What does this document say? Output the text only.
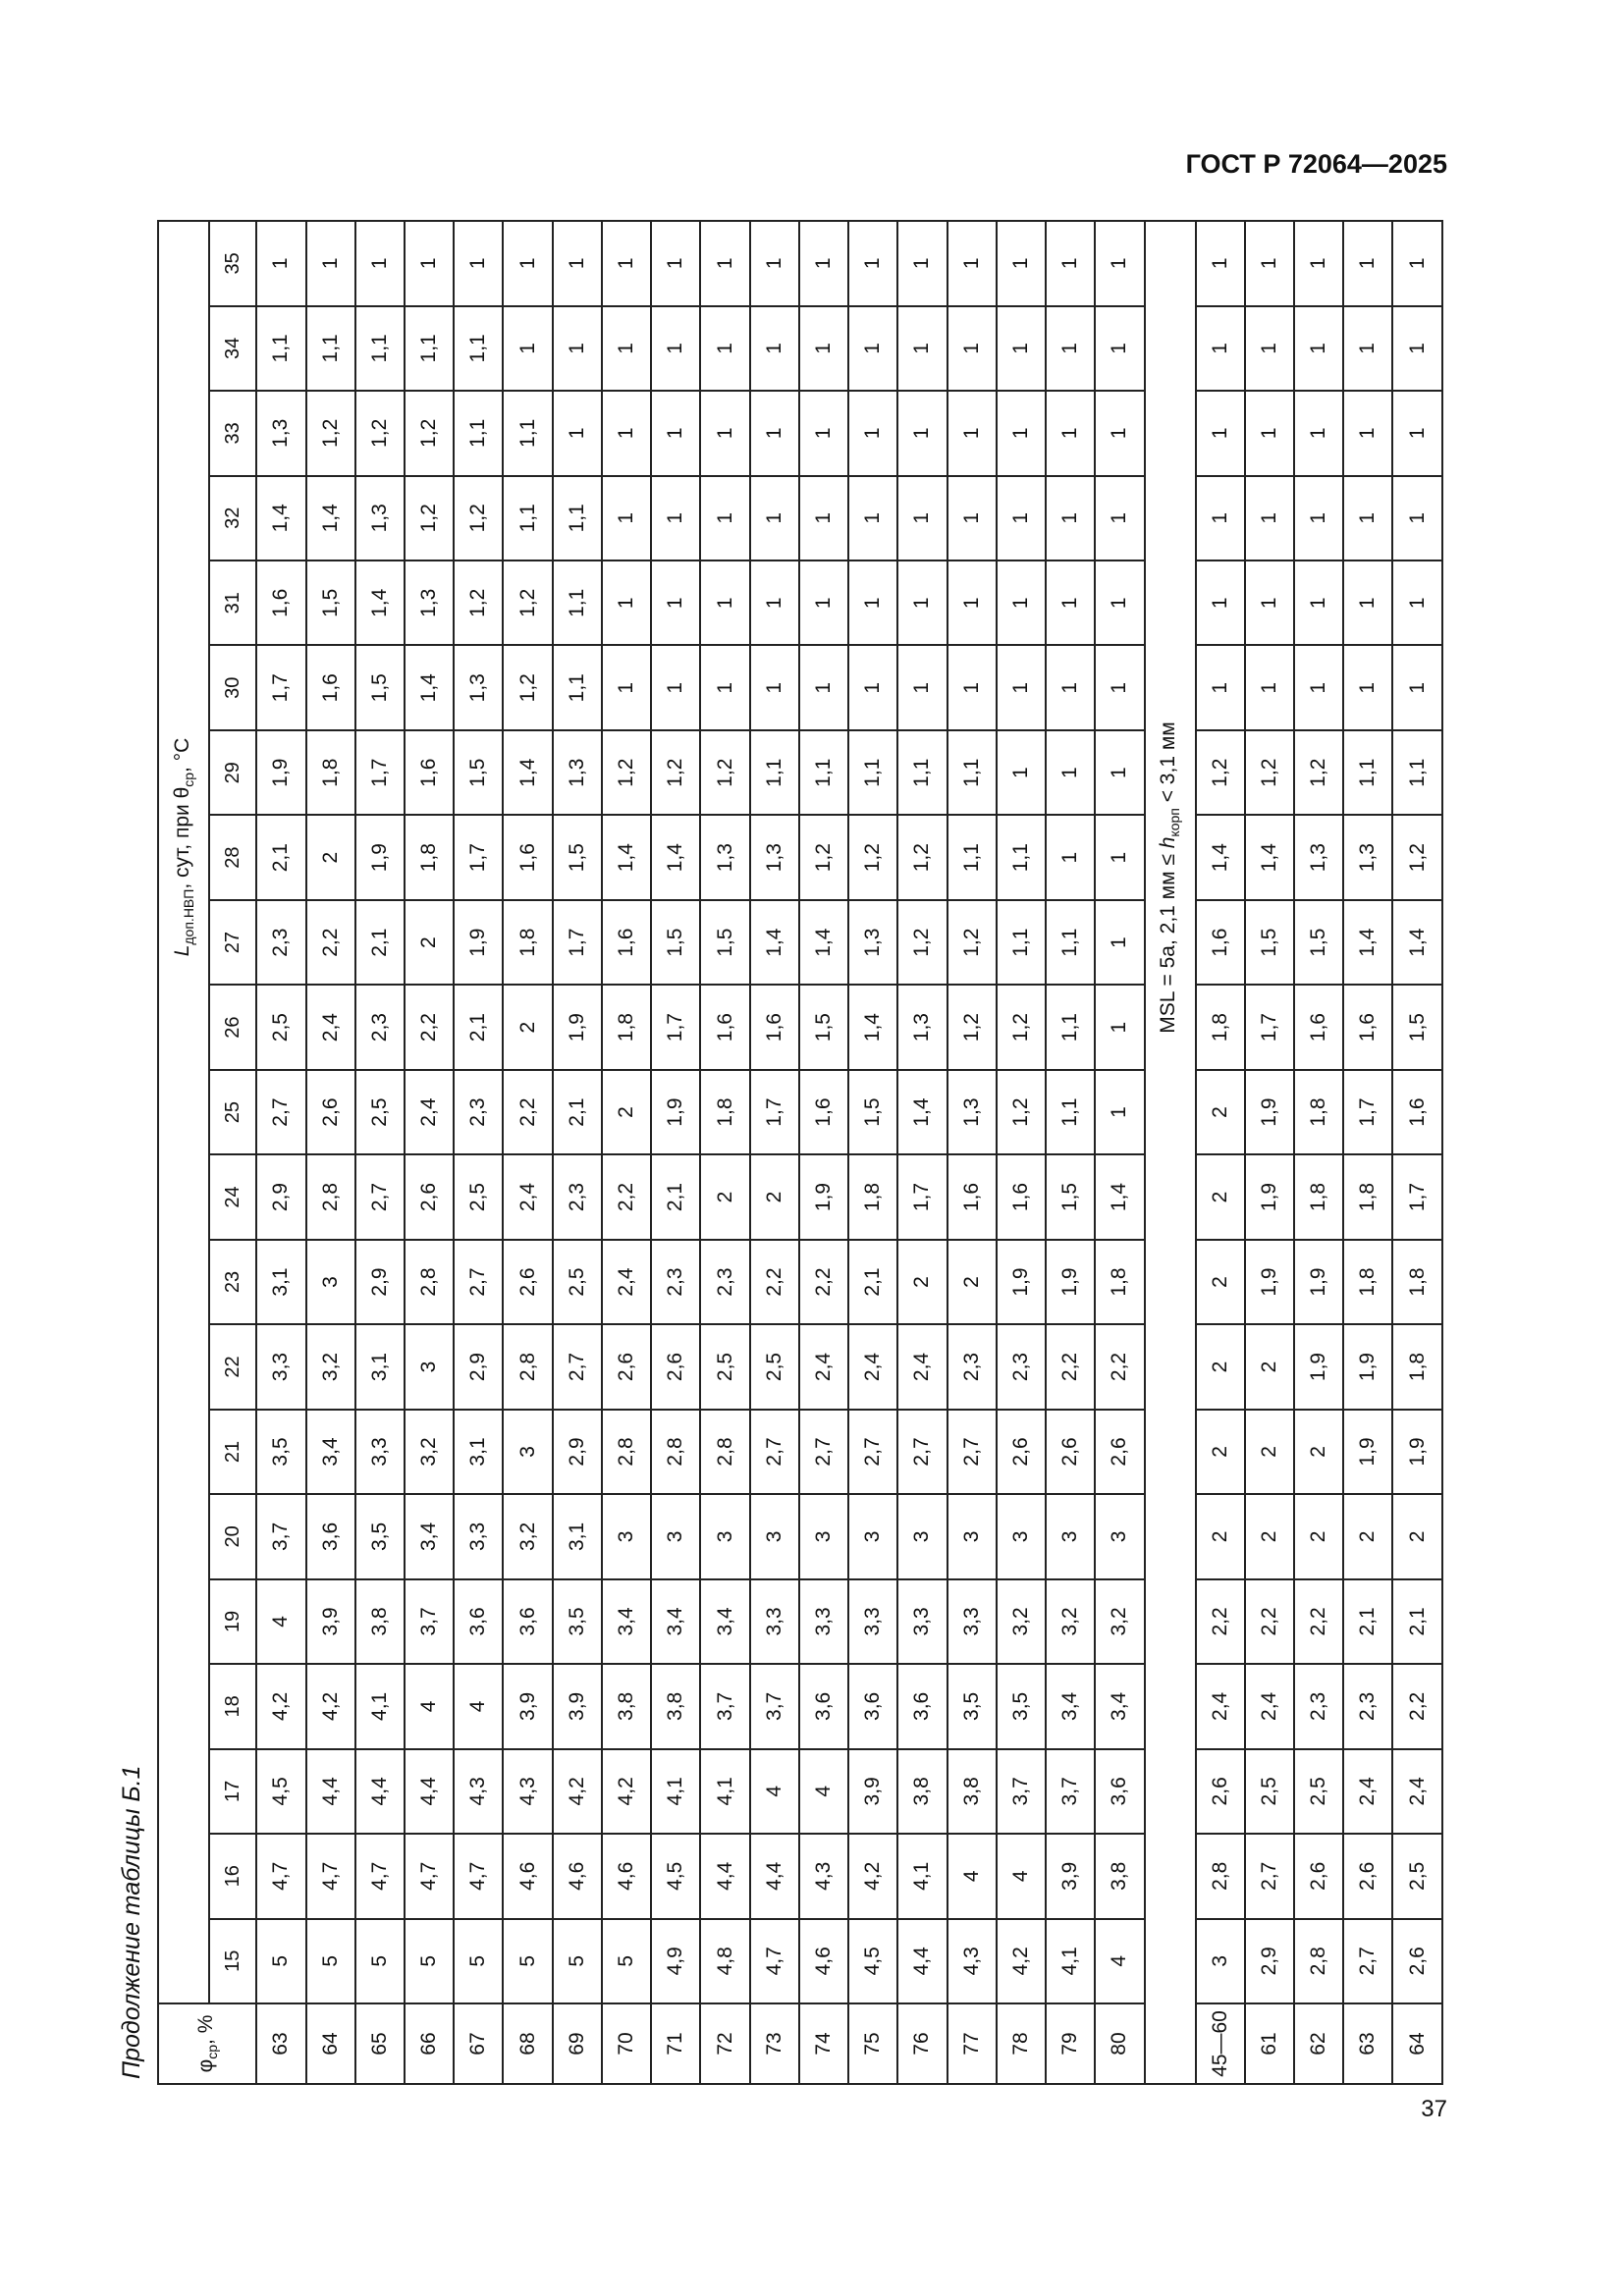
ГОСТ Р 72064—2025
Продолжение таблицы Б.1	$\varphi_{ср}$, %	$L_{доп.НВП}$, сут, при $\theta_{ср}$, °C																				
	15	16	17	18	19	20	21	22	23	24	25	26	27	28	29	30	31	32	33	34	35
63	5	4,7	4,5	4,2	4	3,7	3,5	3,3	3,1	2,9	2,7	2,5	2,3	2,1	1,9	1,7	1,6	1,4	1,3	1,1	1
64	5	4,7	4,4	4,2	3,9	3,6	3,4	3,2	3	2,8	2,6	2,4	2,2	2	1,8	1,6	1,5	1,4	1,2	1,1	1
65	5	4,7	4,4	4,1	3,8	3,5	3,3	3,1	2,9	2,7	2,5	2,3	2,1	1,9	1,7	1,5	1,4	1,3	1,2	1,1	1
66	5	4,7	4,4	4	3,7	3,4	3,2	3	2,8	2,6	2,4	2,2	2	1,8	1,6	1,4	1,3	1,2	1,2	1,1	1
67	5	4,7	4,3	4	3,6	3,3	3,1	2,9	2,7	2,5	2,3	2,1	1,9	1,7	1,5	1,3	1,2	1,2	1,1	1,1	1
68	5	4,6	4,3	3,9	3,6	3,2	3	2,8	2,6	2,4	2,2	2	1,8	1,6	1,4	1,2	1,2	1,1	1,1	1	1
69	5	4,6	4,2	3,9	3,5	3,1	2,9	2,7	2,5	2,3	2,1	1,9	1,7	1,5	1,3	1,1	1,1	1,1	1	1	1
70	5	4,6	4,2	3,8	3,4	3	2,8	2,6	2,4	2,2	2	1,8	1,6	1,4	1,2	1	1	1	1	1	1
71	4,9	4,5	4,1	3,8	3,4	3	2,8	2,6	2,3	2,1	1,9	1,7	1,5	1,4	1,2	1	1	1	1	1	1
72	4,8	4,4	4,1	3,7	3,4	3	2,8	2,5	2,3	2	1,8	1,6	1,5	1,3	1,2	1	1	1	1	1	1
73	4,7	4,4	4	3,7	3,3	3	2,7	2,5	2,2	2	1,7	1,6	1,4	1,3	1,1	1	1	1	1	1	1
74	4,6	4,3	4	3,6	3,3	3	2,7	2,4	2,2	1,9	1,6	1,5	1,4	1,2	1,1	1	1	1	1	1	1
75	4,5	4,2	3,9	3,6	3,3	3	2,7	2,4	2,1	1,8	1,5	1,4	1,3	1,2	1,1	1	1	1	1	1	1
76	4,4	4,1	3,8	3,6	3,3	3	2,7	2,4	2	1,7	1,4	1,3	1,2	1,2	1,1	1	1	1	1	1	1
77	4,3	4	3,8	3,5	3,3	3	2,7	2,3	2	1,6	1,3	1,2	1,2	1,1	1,1	1	1	1	1	1	1
78	4,2	4	3,7	3,5	3,2	3	2,6	2,3	1,9	1,6	1,2	1,2	1,1	1,1	1	1	1	1	1	1	1
79	4,1	3,9	3,7	3,4	3,2	3	2,6	2,2	1,9	1,5	1,1	1,1	1,1	1	1	1	1	1	1	1	1
80	4	3,8	3,6	3,4	3,2	3	2,6	2,2	1,8	1,4	1	1	1	1	1	1	1	1	1	1	1
MSL = 5a, 2,1 мм ≤ $h_{корп} < 3,1$ мм																					
45—60	3	2,8	2,6	2,4	2,2	2	2	2	2	2	2	1,8	1,6	1,4	1,2	1	1	1	1	1	1
61	2,9	2,7	2,5	2,4	2,2	2	2	2	1,9	1,9	1,9	1,7	1,5	1,4	1,2	1	1	1	1	1	1
62	2,8	2,6	2,5	2,3	2,2	2	2	1,9	1,9	1,8	1,8	1,6	1,5	1,3	1,2	1	1	1	1	1	1
63	2,7	2,6	2,4	2,3	2,1	2	1,9	1,9	1,8	1,8	1,7	1,6	1,4	1,3	1,1	1	1	1	1	1	1
64	2,6	2,5	2,4	2,2	2,1	2	1,9	1,8	1,8	1,7	1,6	1,5	1,4	1,2	1,1	1	1	1	1	1	1
37
